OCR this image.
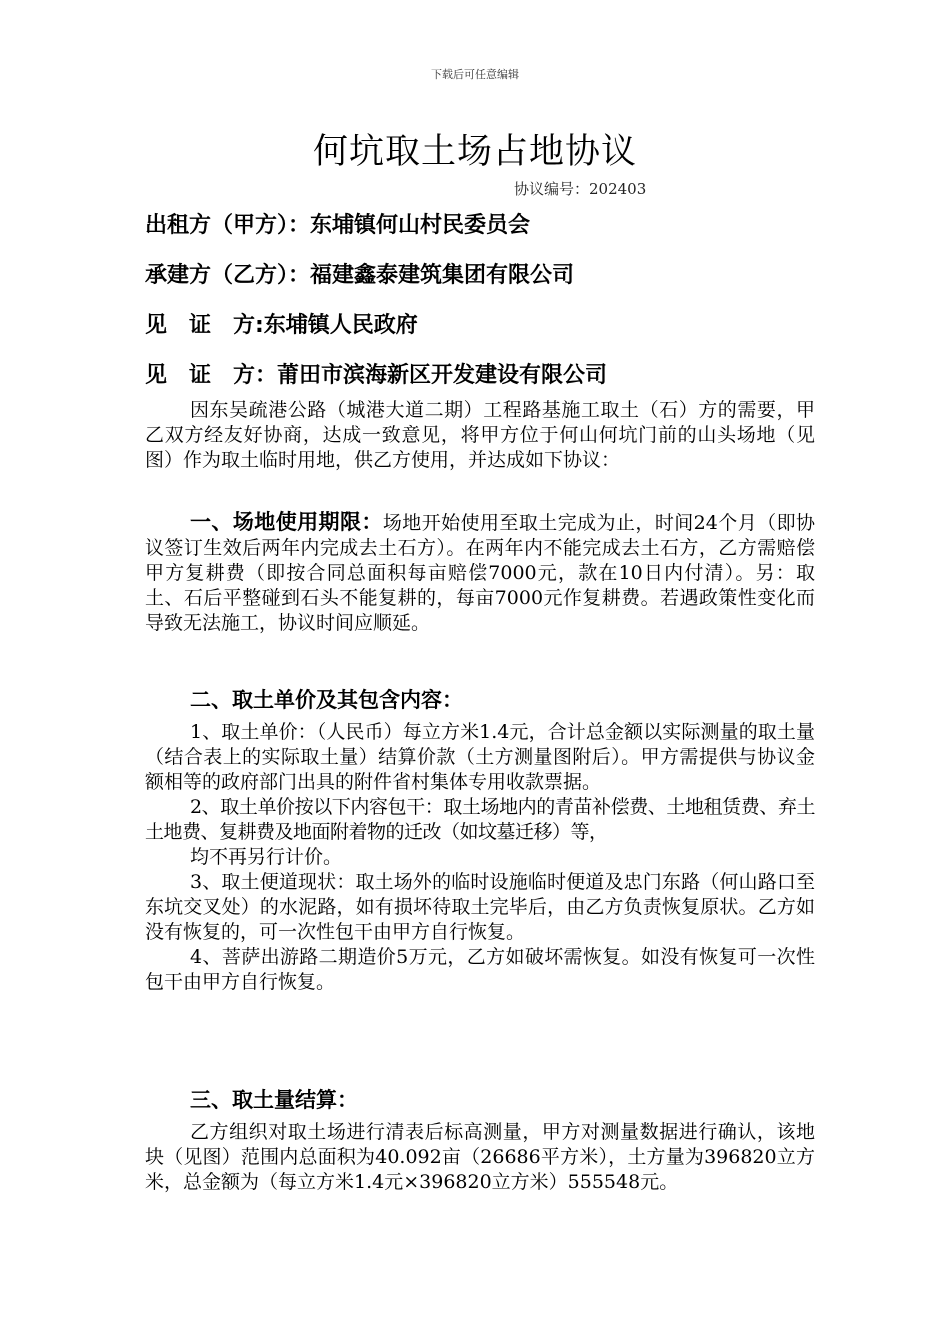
下载后可任意编辑
何坑取土场占地协议
协议编号：202403
出租方（甲方）：东埔镇何山村民委员会
承建方（乙方）：福建鑫泰建筑集团有限公司
见　证　方:东埔镇人民政府
见　证　方：莆田市滨海新区开发建设有限公司

因东吴疏港公路（城港大道二期）工程路基施工取土（石）方的需要，甲乙双方经友好协商，达成一致意见，将甲方位于何山何坑门前的山头场地（见图）作为取土临时用地，供乙方使用，并达成如下协议：

一、场地使用期限：场地开始使用至取土完成为止，时间24个月（即协议签订生效后两年内完成去土石方）。在两年内不能完成去土石方，乙方需赔偿甲方复耕费（即按合同总面积每亩赔偿7000元，款在10日内付清）。另：取土、石后平整碰到石头不能复耕的，每亩7000元作复耕费。若遇政策性变化而导致无法施工，协议时间应顺延。

二、取土单价及其包含内容：

1、取土单价：（人民币）每立方米1.4元，合计总金额以实际测量的取土量（结合表上的实际取土量）结算价款（土方测量图附后）。甲方需提供与协议金额相等的政府部门出具的附件省村集体专用收款票据。

2、取土单价按以下内容包干：取土场地内的青苗补偿费、土地租赁费、弃土土地费、复耕费及地面附着物的迁改（如坟墓迁移）等，

均不再另行计价。

3、取土便道现状：取土场外的临时设施临时便道及忠门东路（何山路口至东坑交叉处）的水泥路，如有损坏待取土完毕后，由乙方负责恢复原状。乙方如没有恢复的，可一次性包干由甲方自行恢复。

4、菩萨出游路二期造价5万元，乙方如破坏需恢复。如没有恢复可一次性包干由甲方自行恢复。

三、取土量结算：

乙方组织对取土场进行清表后标高测量，甲方对测量数据进行确认，该地块（见图）范围内总面积为40.092亩（26686平方米），土方量为396820立方米，总金额为（每立方米1.4元×396820立方米）555548元。
